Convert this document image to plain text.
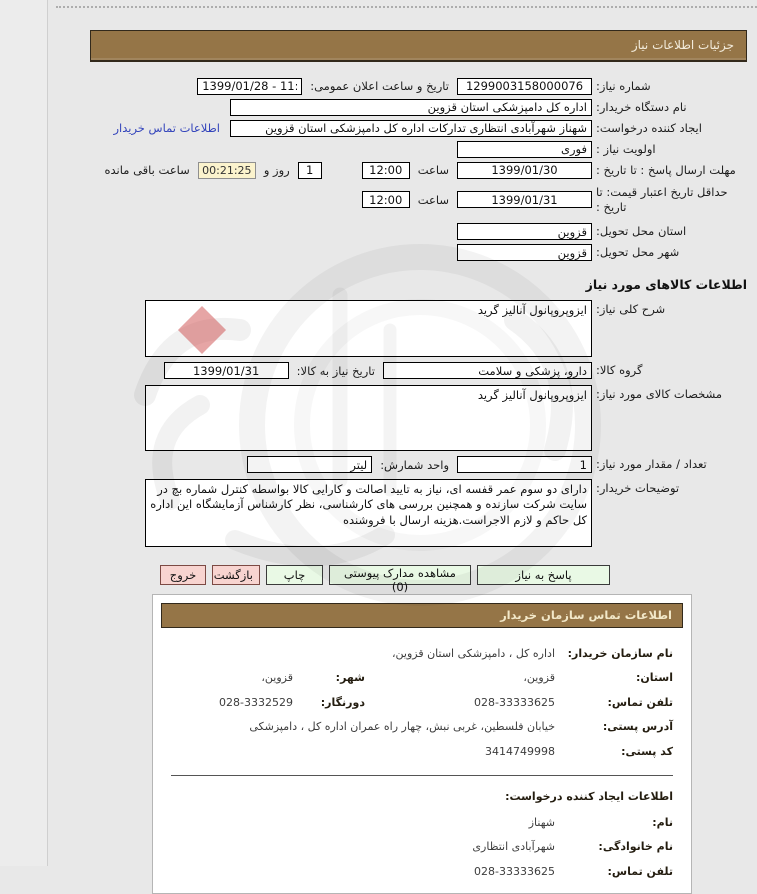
جزئیات اطلاعات نیاز
شماره نیاز:
1299003158000076
تاریخ و ساعت اعلان عمومی:
1399/01/28 - 11:59
نام دستگاه خریدار:
اداره کل دامپزشکی استان قزوین
ایجاد کننده درخواست:
شهناز شهرآبادی انتظاری تدارکات اداره کل دامپزشکی استان قزوین
اطلاعات تماس خریدار
اولویت نیاز :
فوری
مهلت ارسال پاسخ : تا تاریخ :
1399/01/30
ساعت
12:00
1
روز و
00:21:25
ساعت باقی مانده
حداقل تاریخ اعتبار قیمت: تا تاریخ :
1399/01/31
ساعت
12:00
استان محل تحویل:
قزوین
شهر محل تحویل:
قزوین
اطلاعات کالاهای مورد نیاز
شرح کلی نیاز:
ایزوپروپانول آنالیز گرید
گروه کالا:
دارو، پزشکی و سلامت
تاریخ نیاز به کالا:
1399/01/31
مشخصات کالای مورد نیاز:
ایزوپروپانول آنالیز گرید
تعداد / مقدار مورد نیاز:
1
واحد شمارش:
لیتر
توضیحات خریدار:
دارای دو سوم عمر قفسه ای، نیاز به تایید اصالت و کارایی کالا بواسطه کنترل شماره بچ در سایت شرکت سازنده و همچنین بررسی های کارشناسی، نظر کارشناس آزمایشگاه این اداره کل حاکم و لازم الاجراست.هزینه ارسال با فروشنده
پاسخ به نیاز
مشاهده مدارک پیوستی (0)
چاپ
بازگشت
خروج
اطلاعات تماس سازمان خریدار
نام سازمان خریدار:
اداره کل ، دامپزشکی استان قزوین،
استان:
قزوین،
شهر:
قزوین،
تلفن تماس:
028-33333625
دورنگار:
028-3332529
آدرس پستی:
خیابان فلسطین، غربی نبش، چهار راه عمران اداره کل ، دامپزشکی
کد پستی:
3414749998
اطلاعات ایجاد کننده درخواست:
نام:
شهناز
نام خانوادگی:
شهرآبادی انتظاری
تلفن تماس:
028-33333625
